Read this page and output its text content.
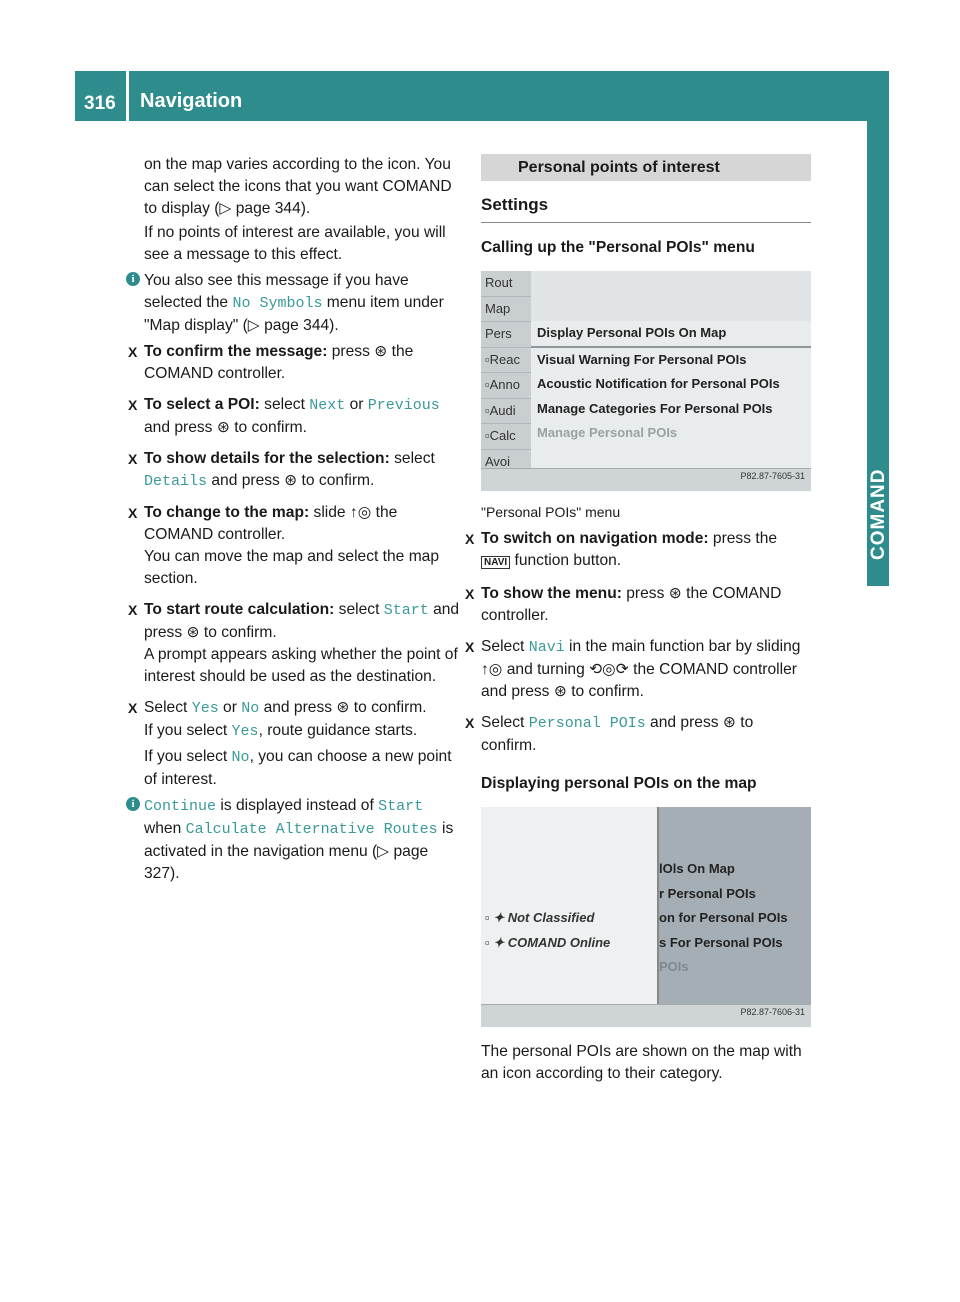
316	Navigation
COMAND

on the map varies according to the icon. You can select the icons that you want COMAND to display (▷ page 344).

If no points of interest are available, you will see a message to this effect.

i You also see this message if you have selected the No Symbols menu item under "Map display" (▷ page 344).
X To confirm the message: press ⊛ the COMAND controller.
X To select a POI: select Next or Previous and press ⊛ to confirm.
X To show details for the selection: select Details and press ⊛ to confirm.
X To change to the map: slide ↑◎ the COMAND controller.
You can move the map and select the map section.
X To start route calculation: select Start and press ⊛ to confirm.
A prompt appears asking whether the point of interest should be used as the destination.
X Select Yes or No and press ⊛ to confirm.
If you select Yes, route guidance starts.

If you select No, you can choose a new point of interest.

i Continue is displayed instead of Start when Calculate Alternative Routes is activated in the navigation menu (▷ page 327).
Personal points of interest
Settings

Calling up the "Personal POIs" menu

Rout
Map
Pers
▫Reac
▫Anno
▫Audi
▫Calc
Avoi
Display Personal POIs On Map
Visual Warning For Personal POIs
Acoustic Notification for Personal POIs
Manage Categories For Personal POIs
Manage Personal POIs
P82.87-7605-31

"Personal POIs" menu

X To switch on navigation mode: press the
NAVI function button.
X To show the menu: press ⊛ the COMAND controller.
X Select Navi in the main function bar by sliding ↑◎ and turning ⟲◎⟳ the COMAND controller and press ⊛ to confirm.
X Select Personal POIs and press ⊛ to confirm.

Displaying personal POIs on the map

▫ ✦ Not Classified
▫ ✦ COMAND Online
lOls On Map
r Personal POIs
on for Personal POIs
s For Personal POIs
POIs
P82.87-7606-31

The personal POIs are shown on the map with an icon according to their category.
